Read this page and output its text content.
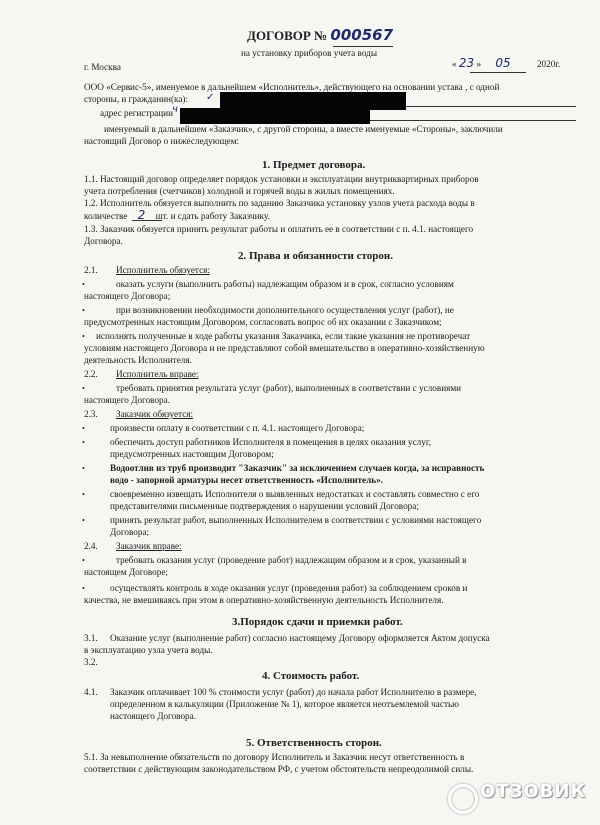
ДОГОВОР № 000567
на установку приборов учета воды
г. Москва	« 23 » 05	2020г.
ООО «Сервис-5», именуемое в дальнейшем «Исполнитель», действующего на основании устава , с одной
стороны, и гражданин(ка): ✓
адрес регистрации
ч
именуемый в дальнейшем «Заказчик», с другой стороны, а вместе именуемые «Стороны», заключили
настоящий Договор о нижеследующем:
1. Предмет договора.
1.1. Настоящий договор определяет порядок установки и эксплуатации внутриквартирных приборов
учета потребления (счетчиков) холодной и горячей воды в жилых помещениях.
1.2. Исполнитель обязуется выполнить по заданию Заказчика установку узлов учета расхода воды в
количестве 2 шт. и сдать работу Заказчику.
1.3. Заказчик обязуется принять результат работы и оплатить ее в соответствии с п. 4.1. настоящего
Договора.
2. Права и обязанности сторон.
2.1. Исполнитель обязуется:
•	оказать услуги (выполнить работы) надлежащим образом и в срок, согласно условиям
настоящего Договора;
•	при возникновении необходимости дополнительного осуществления услуг (работ), не
предусмотренных настоящим Договором, согласовать вопрос об их оказании с Заказчиком;
• исполнять полученные в ходе работы указания Заказчика, если такие указания не противоречат
условиям настоящего Договора и не представляют собой вмешательство в оперативно-хозяйственную
деятельность Исполнителя.
2.2. Исполнитель вправе:
•	требовать принятия результата услуг (работ), выполненных в соответствии с условиями
настоящего Договора.
2.3. Заказчик обязуется:
•	произвести оплату в соответствии с п. 4.1. настоящего Договора;
•	обеспечить доступ работников Исполнителя в помещения в целях оказания услуг,
предусмотренных настоящим Договором;
•	Водоотлив из труб производит "Заказчик" за исключением случаев когда, за исправность
водо - запорной арматуры несет ответственность «Исполнитель».
•	своевременно извещать Исполнителя о выявленных недостатках и составлять совместно с его
представителями письменные подтверждения о нарушении условий Договора;
•	принять результат работ, выполненных Исполнителем в соответствии с условиями настоящего
Договора;
2.4. Заказчик вправе:
•	требовать оказания услуг (проведение работ) надлежащим образом и в срок, указанный в
настоящем Договоре;
•	осуществлять контроль в ходе оказания услуг (проведения работ) за соблюдением сроков и
качества, не вмешиваясь при этом в оперативно-хозяйственную деятельность Исполнителя.
3.Порядок сдачи и приемки работ.
3.1. Оказание услуг (выполнение работ) согласно настоящему Договору оформляется Актом допуска
в эксплуатацию узла учета воды.
3.2.
4. Стоимость работ.
4.1. Заказчик оплачивает 100 % стоимости услуг (работ) до начала работ Исполнителю в размере,
определенном в калькуляции (Приложение № 1), которое является неотъемлемой частью
настоящего Договора.
5. Ответственность сторон.
5.1. За невыполнение обязательств по договору Исполнитель и Заказчик несут ответственность в
соответствии с действующим законодательством РФ, с учетом обстоятельств непреодолимой силы.
ОТЗОВИК
